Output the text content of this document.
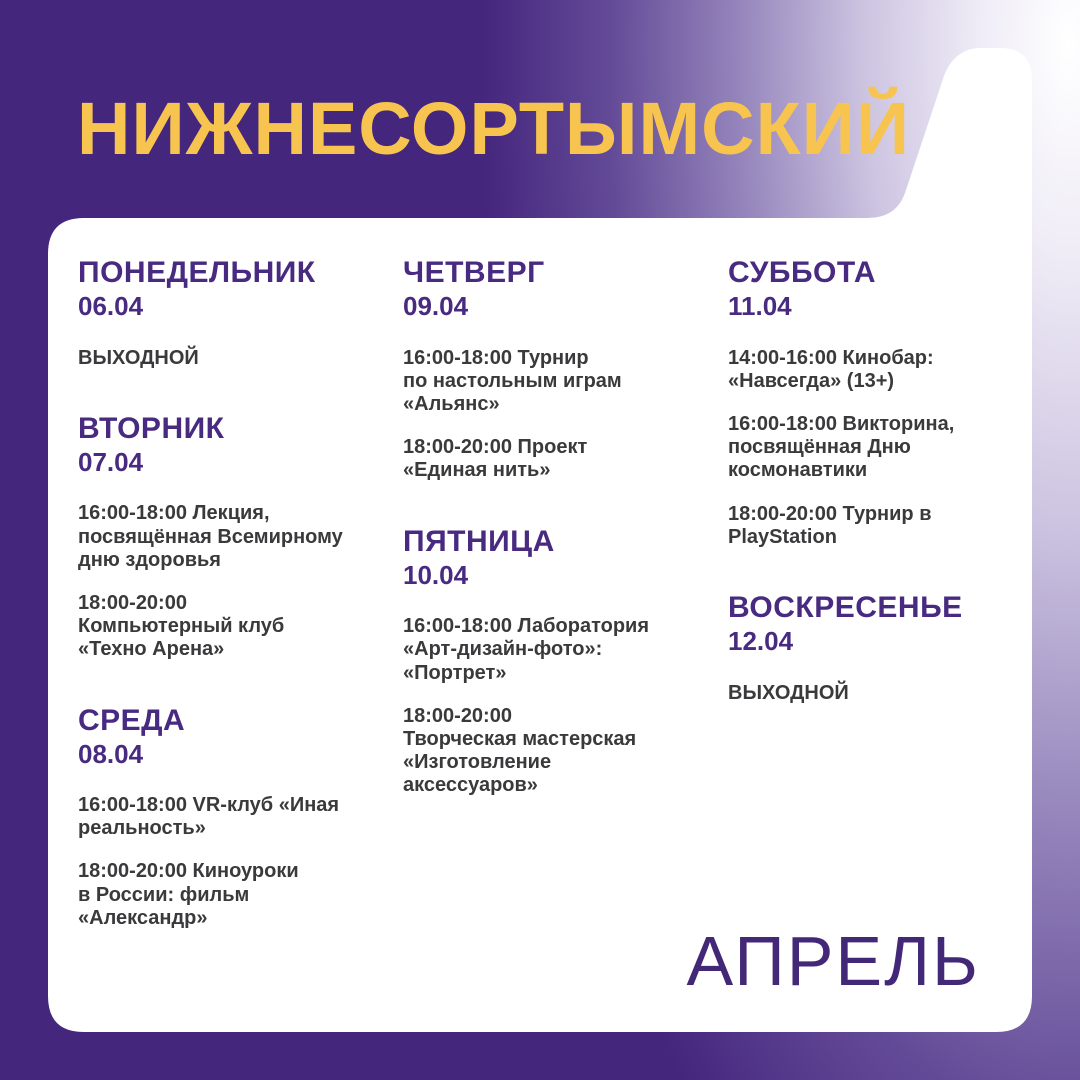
НИЖНЕСОРТЫМСКИЙ
ПОНЕДЕЛЬНИК
06.04

ВЫХОДНОЙ

ВТОРНИК
07.04

16:00-18:00 Лекция,
посвящённая Всемирному
дню здоровья

18:00-20:00
Компьютерный клуб
«Техно Арена»

СРЕДА
08.04

16:00-18:00 VR-клуб «Иная
реальность»

18:00-20:00 Киноуроки
в России: фильм
«Александр»

ЧЕТВЕРГ
09.04

16:00-18:00 Турнир
по настольным играм
«Альянс»

18:00-20:00 Проект
«Единая нить»

ПЯТНИЦА
10.04

16:00-18:00 Лаборатория
«Арт-дизайн-фото»:
«Портрет»

18:00-20:00
Творческая мастерская
«Изготовление
аксессуаров»

СУББОТА
11.04

14:00-16:00 Кинобар:
«Навсегда» (13+)

16:00-18:00 Викторина,
посвящённая Дню
космонавтики

18:00-20:00 Турнир в
PlayStation

ВОСКРЕСЕНЬЕ
12.04

ВЫХОДНОЙ

АПРЕЛЬ
